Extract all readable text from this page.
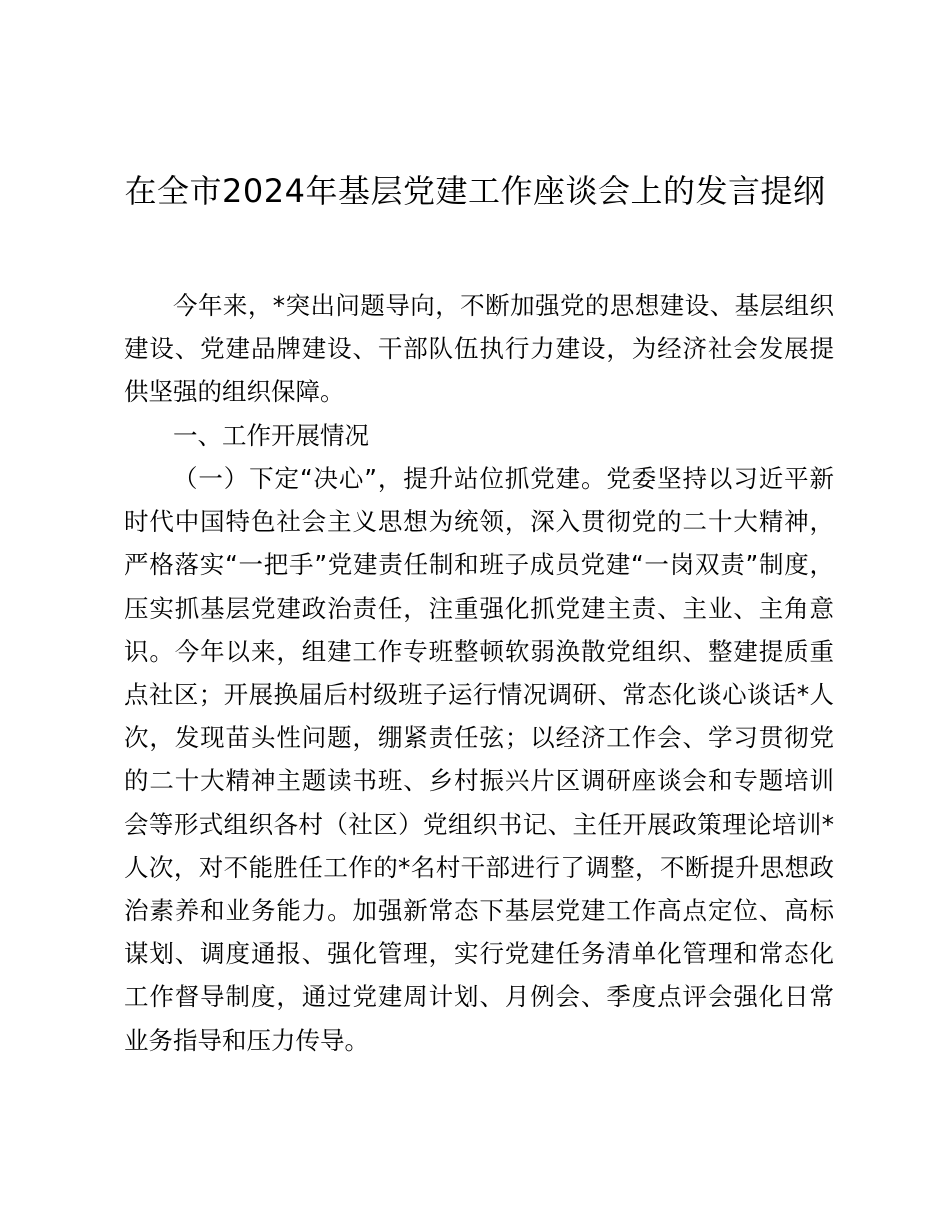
在全市2024年基层党建工作座谈会上的发言提纲
今年来，*突出问题导向，不断加强党的思想建设、基层组织建设、党建品牌建设、干部队伍执行力建设，为经济社会发展提供坚强的组织保障。
一、工作开展情况
（一）下定“决心”，提升站位抓党建。党委坚持以习近平新时代中国特色社会主义思想为统领，深入贯彻党的二十大精神，严格落实“一把手”党建责任制和班子成员党建“一岗双责”制度，压实抓基层党建政治责任，注重强化抓党建主责、主业、主角意识。今年以来，组建工作专班整顿软弱涣散党组织、整建提质重点社区；开展换届后村级班子运行情况调研、常态化谈心谈话*人次，发现苗头性问题，绷紧责任弦；以经济工作会、学习贯彻党的二十大精神主题读书班、乡村振兴片区调研座谈会和专题培训会等形式组织各村（社区）党组织书记、主任开展政策理论培训*人次，对不能胜任工作的*名村干部进行了调整，不断提升思想政治素养和业务能力。加强新常态下基层党建工作高点定位、高标谋划、调度通报、强化管理，实行党建任务清单化管理和常态化工作督导制度，通过党建周计划、月例会、季度点评会强化日常业务指导和压力传导。
